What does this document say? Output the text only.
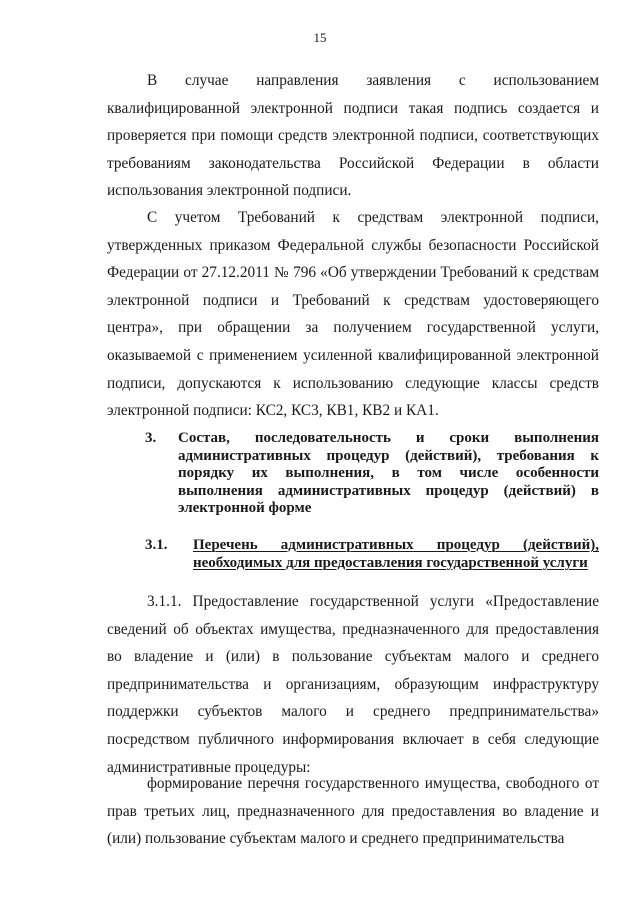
15

В случае направления заявления с использованием квалифицированной электронной подписи такая подпись создается и проверяется при помощи средств электронной подписи, соответствующих требованиям законодательства Российской Федерации в области использования электронной подписи.

С учетом Требований к средствам электронной подписи, утвержденных приказом Федеральной службы безопасности Российской Федерации от 27.12.2011 № 796 «Об утверждении Требований к средствам электронной подписи и Требований к средствам удостоверяющего центра», при обращении за получением государственной услуги, оказываемой с применением усиленной квалифицированной электронной подписи, допускаются к использованию следующие классы средств электронной подписи: КС2, КС3, КВ1, КВ2 и КА1.

3. Состав, последовательность и сроки выполнения административных процедур (действий), требования к порядку их выполнения, в том числе особенности выполнения административных процедур (действий) в электронной форме
3.1. Перечень административных процедур (действий), необходимых для предоставления государственной услуги

3.1.1. Предоставление государственной услуги «Предоставление сведений об объектах имущества, предназначенного для предоставления во владение и (или) в пользование субъектам малого и среднего предпринимательства и организациям, образующим инфраструктуру поддержки субъектов малого и среднего предпринимательства» посредством публичного информирования включает в себя следующие административные процедуры:

формирование перечня государственного имущества, свободного от прав третьих лиц, предназначенного для предоставления во владение и (или) пользование субъектам малого и среднего предпринимательства
